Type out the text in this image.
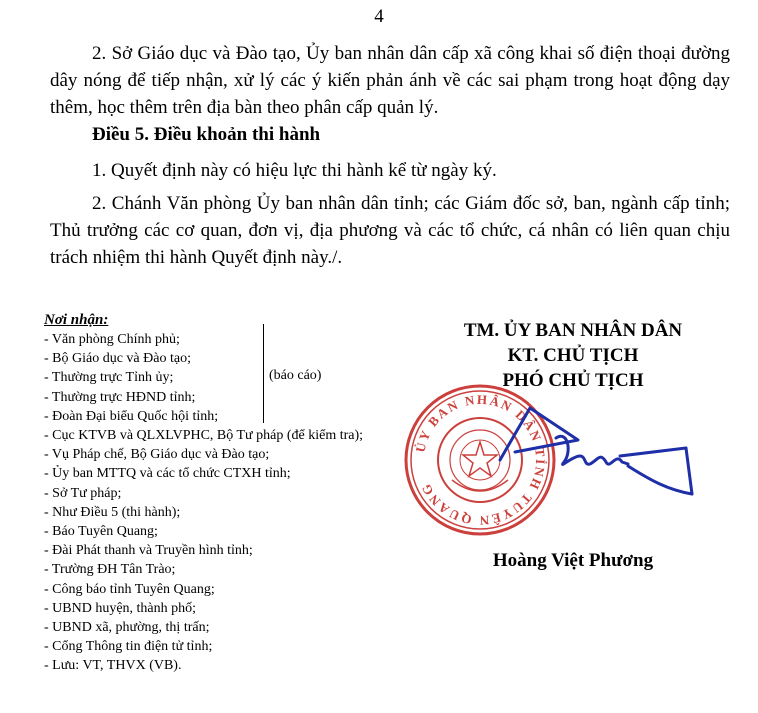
4

2. Sở Giáo dục và Đào tạo, Ủy ban nhân dân cấp xã công khai số điện thoại đường dây nóng để tiếp nhận, xử lý các ý kiến phản ánh về các sai phạm trong hoạt động dạy thêm, học thêm trên địa bàn theo phân cấp quản lý.

Điều 5. Điều khoản thi hành

1. Quyết định này có hiệu lực thi hành kể từ ngày ký.

2. Chánh Văn phòng Ủy ban nhân dân tỉnh; các Giám đốc sở, ban, ngành cấp tỉnh; Thủ trưởng các cơ quan, đơn vị, địa phương và các tổ chức, cá nhân có liên quan chịu trách nhiệm thi hành Quyết định này./.

Nơi nhận:
- Văn phòng Chính phủ;
- Bộ Giáo dục và Đào tạo;
- Thường trực Tỉnh ủy;
- Thường trực HĐND tỉnh;
- Đoàn Đại biểu Quốc hội tỉnh;
- Cục KTVB và QLXLVPHC, Bộ Tư pháp (để kiểm tra);
- Vụ Pháp chế, Bộ Giáo dục và Đào tạo;
- Ủy ban MTTQ và các tổ chức CTXH tỉnh;
- Sở Tư pháp;
- Như Điều 5 (thi hành);
- Báo Tuyên Quang;
- Đài Phát thanh và Truyền hình tỉnh;
- Trường ĐH Tân Trào;
- Công báo tỉnh Tuyên Quang;
- UBND huyện, thành phố;
- UBND xã, phường, thị trấn;
- Cổng Thông tin điện tử tỉnh;
- Lưu: VT, THVX (VB).
(báo cáo)
TM. ỦY BAN NHÂN DÂN
KT. CHỦ TỊCH
PHÓ CHỦ TỊCH
ỦY BAN NHÂN DÂN TỈNH TUYÊN QUANG
Hoàng Việt Phương
